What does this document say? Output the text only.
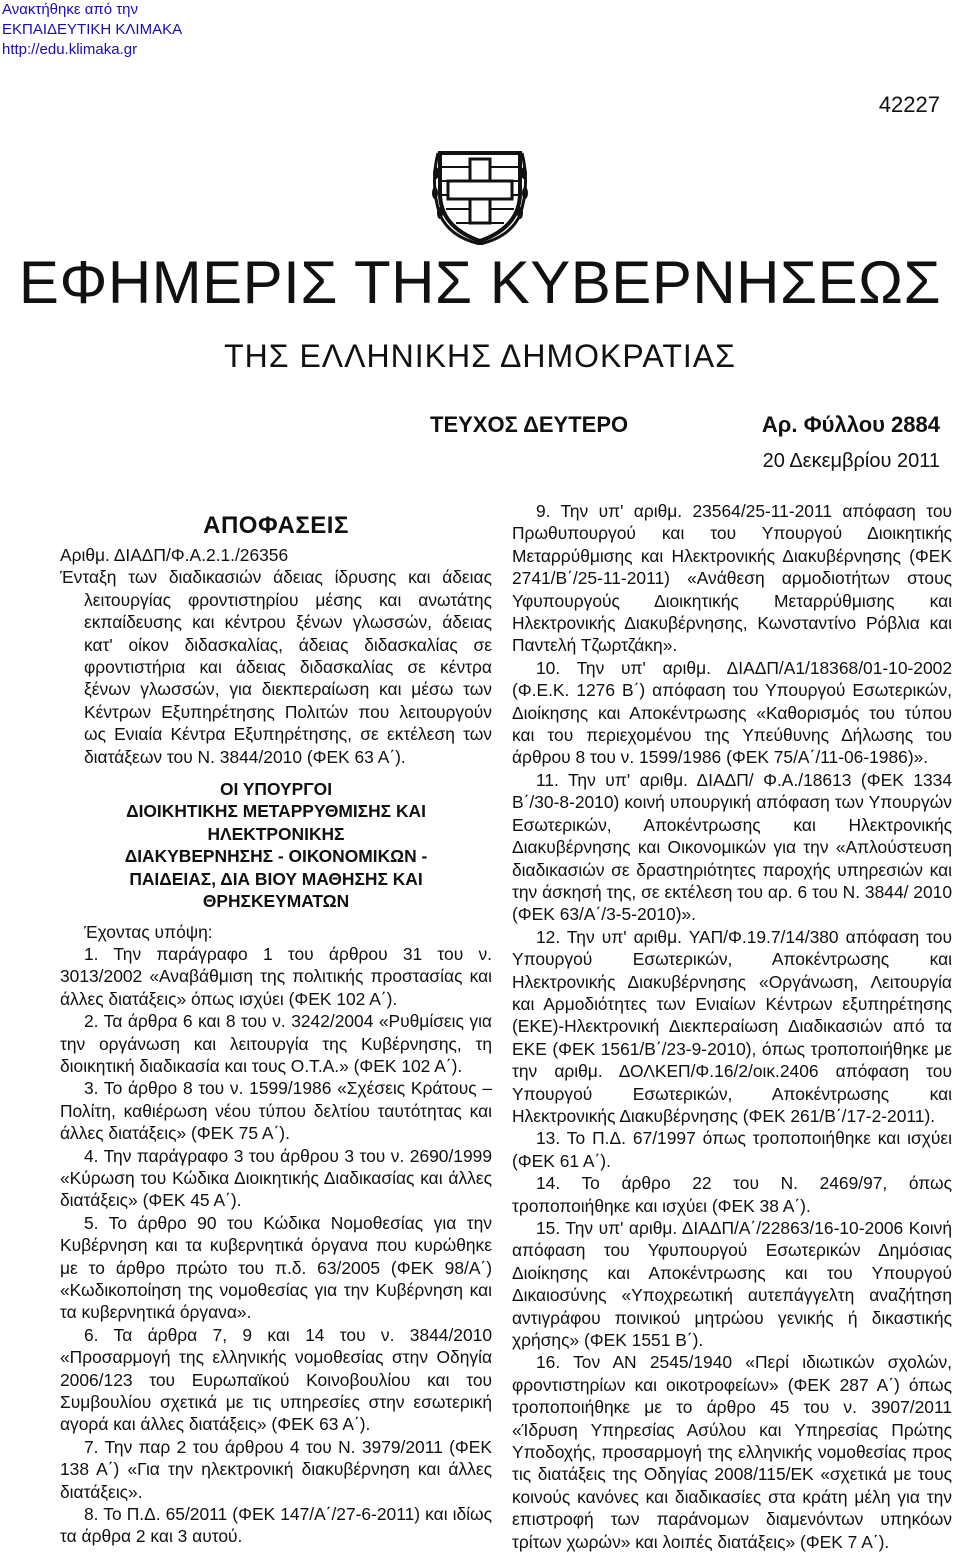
Ανακτήθηκε από την
ΕΚΠΑΙΔΕΥΤΙΚΗ ΚΛΙΜΑΚΑ
http://edu.klimaka.gr
42227
ΕΦΗΜΕΡΙΣ ΤΗΣ ΚΥΒΕΡΝΗΣΕΩΣ
ΤΗΣ ΕΛΛΗΝΙΚΗΣ ΔΗΜΟΚΡΑΤΙΑΣ
ΤΕΥΧΟΣ ΔΕΥΤΕΡΟ	Αρ. Φύλλου 2884
20 Δεκεμβρίου 2011
ΑΠΟΦΑΣΕΙΣ

Αριθμ. ΔΙΑΔΠ/Φ.Α.2.1./26356

Ένταξη των διαδικασιών άδειας ίδρυσης και άδειας λειτουργίας φροντιστηρίου μέσης και ανωτάτης εκπαίδευσης και κέντρου ξένων γλωσσών, άδειας κατ' οίκον διδασκαλίας, άδειας διδασκαλίας σε φροντιστήρια και άδειας διδασκαλίας σε κέντρα ξένων γλωσσών, για διεκπεραίωση και μέσω των Κέντρων Εξυπηρέτησης Πολιτών που λειτουργούν ως Ενιαία Κέντρα Εξυπηρέτησης, σε εκτέλεση των διατάξεων του Ν. 3844/2010 (ΦΕΚ 63 Α΄).

ΟΙ ΥΠΟΥΡΓΟΙ

ΔΙΟΙΚΗΤΙΚΗΣ ΜΕΤΑΡΡΥΘΜΙΣΗΣ ΚΑΙ ΗΛΕΚΤΡΟΝΙΚΗΣ

ΔΙΑΚΥΒΕΡΝΗΣΗΣ - ΟΙΚΟΝΟΜΙΚΩΝ -

ΠΑΙΔΕΙΑΣ, ΔΙΑ ΒΙΟΥ ΜΑΘΗΣΗΣ ΚΑΙ ΘΡΗΣΚΕΥΜΑΤΩΝ

Έχοντας υπόψη:

1. Την παράγραφο 1 του άρθρου 31 του ν. 3013/2002 «Αναβάθμιση της πολιτικής προστασίας και άλλες διατάξεις» όπως ισχύει (ΦΕΚ 102 Α΄).

2. Τα άρθρα 6 και 8 του ν. 3242/2004 «Ρυθμίσεις για την οργάνωση και λειτουργία της Κυβέρνησης, τη διοικητική διαδικασία και τους Ο.Τ.Α.» (ΦΕΚ 102 Α΄).

3. Το άρθρο 8 του ν. 1599/1986 «Σχέσεις Κράτους – Πολίτη, καθιέρωση νέου τύπου δελτίου ταυτότητας και άλλες διατάξεις» (ΦΕΚ 75 Α΄).

4. Την παράγραφο 3 του άρθρου 3 του ν. 2690/1999 «Κύρωση του Κώδικα Διοικητικής Διαδικασίας και άλλες διατάξεις» (ΦΕΚ 45 Α΄).

5. Το άρθρο 90 του Κώδικα Νομοθεσίας για την Κυβέρνηση και τα κυβερνητικά όργανα που κυρώθηκε με το άρθρο πρώτο του π.δ. 63/2005 (ΦΕΚ 98/Α΄) «Κωδικοποίηση της νομοθεσίας για την Κυβέρνηση και τα κυβερνητικά όργανα».

6. Τα άρθρα 7, 9 και 14 του ν. 3844/2010 «Προσαρμογή της ελληνικής νομοθεσίας στην Οδηγία 2006/123 του Ευρωπαϊκού Κοινοβουλίου και του Συμβουλίου σχετικά με τις υπηρεσίες στην εσωτερική αγορά και άλλες διατάξεις» (ΦΕΚ 63 Α΄).

7. Την παρ 2 του άρθρου 4 του Ν. 3979/2011 (ΦΕΚ 138 Α΄) «Για την ηλεκτρονική διακυβέρνηση και άλλες διατάξεις».

8. Το Π.Δ. 65/2011 (ΦΕΚ 147/Α΄/27-6-2011) και ιδίως τα άρθρα 2 και 3 αυτού.

9. Την υπ' αριθμ. 23564/25-11-2011 απόφαση του Πρωθυπουργού και του Υπουργού Διοικητικής Μεταρρύθμισης και Ηλεκτρονικής Διακυβέρνησης (ΦΕΚ 2741/Β΄/25-11-2011) «Ανάθεση αρμοδιοτήτων στους Υφυπουργούς Διοικητικής Μεταρρύθμισης και Ηλεκτρονικής Διακυβέρνησης, Κωνσταντίνο Ρόβλια και Παντελή Τζωρτζάκη».

10. Την υπ' αριθμ. ΔΙΑΔΠ/Α1/18368/01-10-2002 (Φ.Ε.Κ. 1276 Β΄) απόφαση του Υπουργού Εσωτερικών, Διοίκησης και Αποκέντρωσης «Καθορισμός του τύπου και του περιεχομένου της Υπεύθυνης Δήλωσης του άρθρου 8 του ν. 1599/1986 (ΦΕΚ 75/Α΄/11-06-1986)».

11. Την υπ' αριθμ. ΔΙΑΔΠ/ Φ.Α./18613 (ΦΕΚ 1334 Β΄/30-8-2010) κοινή υπουργική απόφαση των Υπουργών Εσωτερικών, Αποκέντρωσης και Ηλεκτρονικής Διακυβέρνησης και Οικονομικών για την «Απλούστευση διαδικασιών σε δραστηριότητες παροχής υπηρεσιών και την άσκησή της, σε εκτέλεση του αρ. 6 του Ν. 3844/ 2010 (ΦΕΚ 63/Α΄/3-5-2010)».

12. Την υπ' αριθμ. ΥΑΠ/Φ.19.7/14/380 απόφαση του Υπουργού Εσωτερικών, Αποκέντρωσης και Ηλεκτρονικής Διακυβέρνησης «Οργάνωση, Λειτουργία και Αρμοδιότητες των Ενιαίων Κέντρων εξυπηρέτησης (ΕΚΕ)-Ηλεκτρονική Διεκπεραίωση Διαδικασιών από τα ΕΚΕ (ΦΕΚ 1561/Β΄/23-9-2010), όπως τροποποιήθηκε με την αριθμ. ΔΟΛΚΕΠ/Φ.16/2/οικ.2406 απόφαση του Υπουργού Εσωτερικών, Αποκέντρωσης και Ηλεκτρονικής Διακυβέρνησης (ΦΕΚ 261/Β΄/17-2-2011).

13. Το Π.Δ. 67/1997 όπως τροποποιήθηκε και ισχύει (ΦΕΚ 61 Α΄).

14. Το άρθρο 22 του Ν. 2469/97, όπως τροποποιήθηκε και ισχύει (ΦΕΚ 38 Α΄).

15. Την υπ' αριθμ. ΔΙΑΔΠ/Α΄/22863/16-10-2006 Κοινή απόφαση του Υφυπουργού Εσωτερικών Δημόσιας Διοίκησης και Αποκέντρωσης και του Υπουργού Δικαιοσύνης «Υποχρεωτική αυτεπάγγελτη αναζήτηση αντιγράφου ποινικού μητρώου γενικής ή δικαστικής χρήσης» (ΦΕΚ 1551 Β΄).

16. Τον ΑΝ 2545/1940 «Περί ιδιωτικών σχολών, φροντιστηρίων και οικοτροφείων» (ΦΕΚ 287 Α΄) όπως τροποποιήθηκε με το άρθρο 45 του ν. 3907/2011 «Ίδρυση Υπηρεσίας Ασύλου και Υπηρεσίας Πρώτης Υποδοχής, προσαρμογή της ελληνικής νομοθεσίας προς τις διατάξεις της Οδηγίας 2008/115/ΕΚ «σχετικά με τους κοινούς κανόνες και διαδικασίες στα κράτη μέλη για την επιστροφή των παράνομων διαμενόντων υπηκόων τρίτων χωρών» και λοιπές διατάξεις» (ΦΕΚ 7 Α΄).
